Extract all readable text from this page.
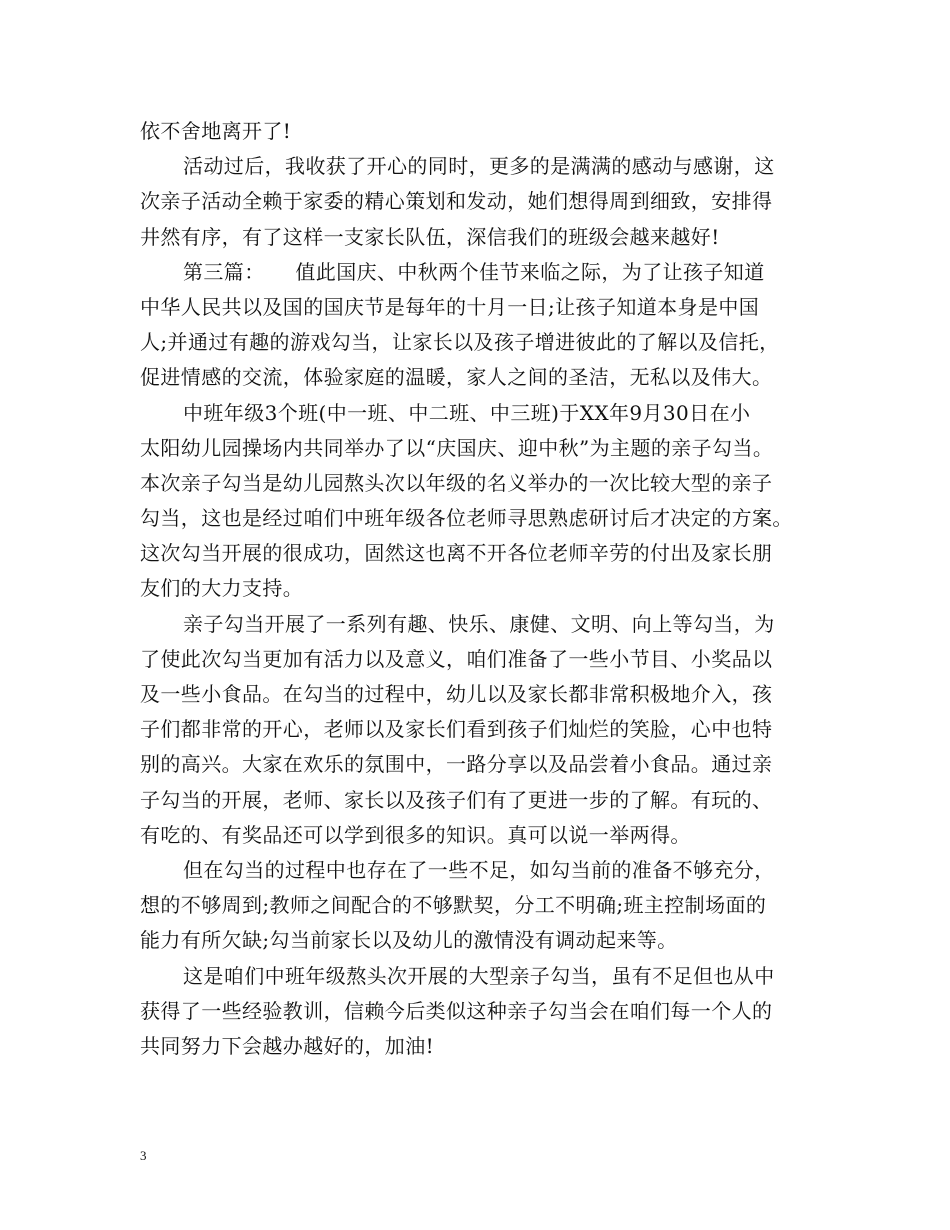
依不舍地离开了!
活动过后，我收获了开心的同时，更多的是满满的感动与感谢，这
次亲子活动全赖于家委的精心策划和发动，她们想得周到细致，安排得
井然有序，有了这样一支家长队伍，深信我们的班级会越来越好!
第三篇：　　值此国庆、中秋两个佳节来临之际，为了让孩子知道
中华人民共以及国的国庆节是每年的十月一日;让孩子知道本身是中国
人;并通过有趣的游戏勾当，让家长以及孩子增进彼此的了解以及信托，
促进情感的交流，体验家庭的温暖，家人之间的圣洁，无私以及伟大。
中班年级3个班(中一班、中二班、中三班)于XX年9月30日在小
太阳幼儿园操场内共同举办了以“庆国庆、迎中秋”为主题的亲子勾当。
本次亲子勾当是幼儿园熬头次以年级的名义举办的一次比较大型的亲子
勾当，这也是经过咱们中班年级各位老师寻思熟虑研讨后才决定的方案。
这次勾当开展的很成功，固然这也离不开各位老师辛劳的付出及家长朋
友们的大力支持。
亲子勾当开展了一系列有趣、快乐、康健、文明、向上等勾当，为
了使此次勾当更加有活力以及意义，咱们准备了一些小节目、小奖品以
及一些小食品。在勾当的过程中，幼儿以及家长都非常积极地介入，孩
子们都非常的开心，老师以及家长们看到孩子们灿烂的笑脸，心中也特
别的高兴。大家在欢乐的氛围中，一路分享以及品尝着小食品。通过亲
子勾当的开展，老师、家长以及孩子们有了更进一步的了解。有玩的、
有吃的、有奖品还可以学到很多的知识。真可以说一举两得。
但在勾当的过程中也存在了一些不足，如勾当前的准备不够充分，
想的不够周到;教师之间配合的不够默契，分工不明确;班主控制场面的
能力有所欠缺;勾当前家长以及幼儿的激情没有调动起来等。
这是咱们中班年级熬头次开展的大型亲子勾当，虽有不足但也从中
获得了一些经验教训，信赖今后类似这种亲子勾当会在咱们每一个人的
共同努力下会越办越好的，加油!
3
